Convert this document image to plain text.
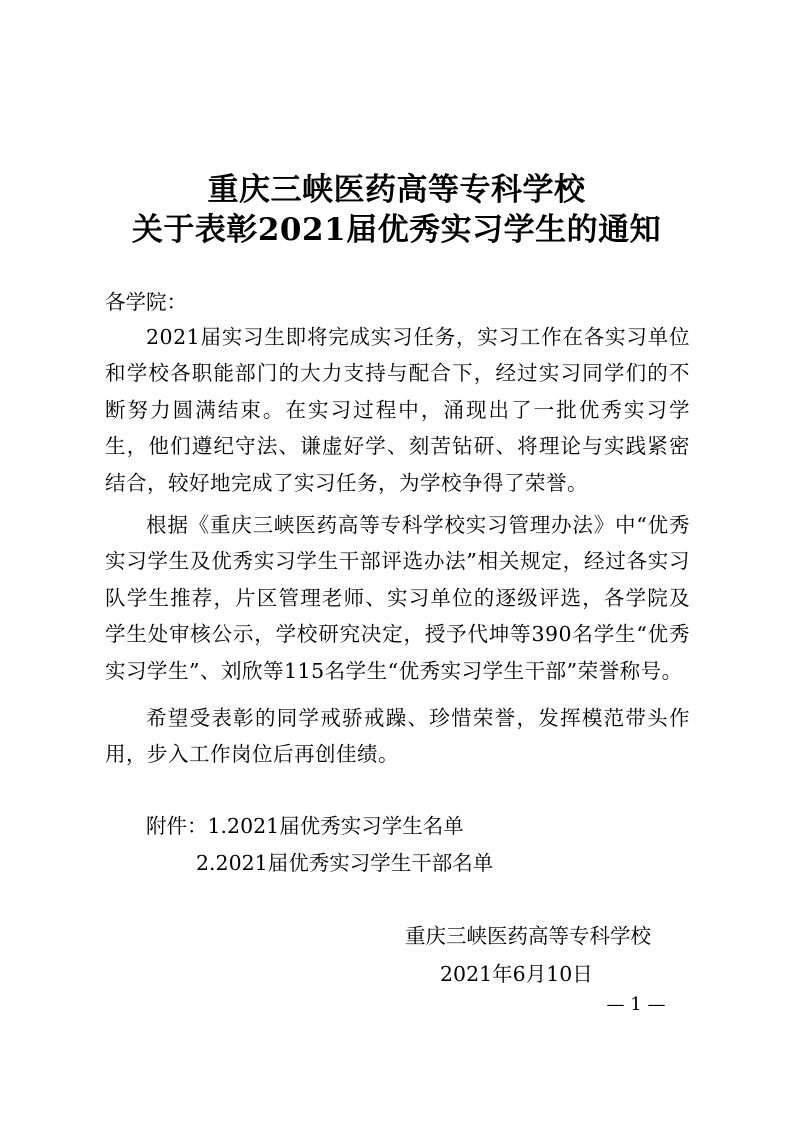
重庆三峡医药高等专科学校
关于表彰2021届优秀实习学生的通知
各学院：

2021届实习生即将完成实习任务，实习工作在各实习单位和学校各职能部门的大力支持与配合下，经过实习同学们的不断努力圆满结束。在实习过程中，涌现出了一批优秀实习学生，他们遵纪守法、谦虚好学、刻苦钻研、将理论与实践紧密结合，较好地完成了实习任务，为学校争得了荣誉。

根据《重庆三峡医药高等专科学校实习管理办法》中“优秀实习学生及优秀实习学生干部评选办法”相关规定，经过各实习队学生推荐，片区管理老师、实习单位的逐级评选，各学院及学生处审核公示，学校研究决定，授予代坤等390名学生“优秀实习学生”、刘欣等115名学生“优秀实习学生干部”荣誉称号。

希望受表彰的同学戒骄戒躁、珍惜荣誉，发挥模范带头作用，步入工作岗位后再创佳绩。

附件：1.2021届优秀实习学生名单
2.2021届优秀实习学生干部名单
重庆三峡医药高等专科学校
2021年6月10日
— 1 —
